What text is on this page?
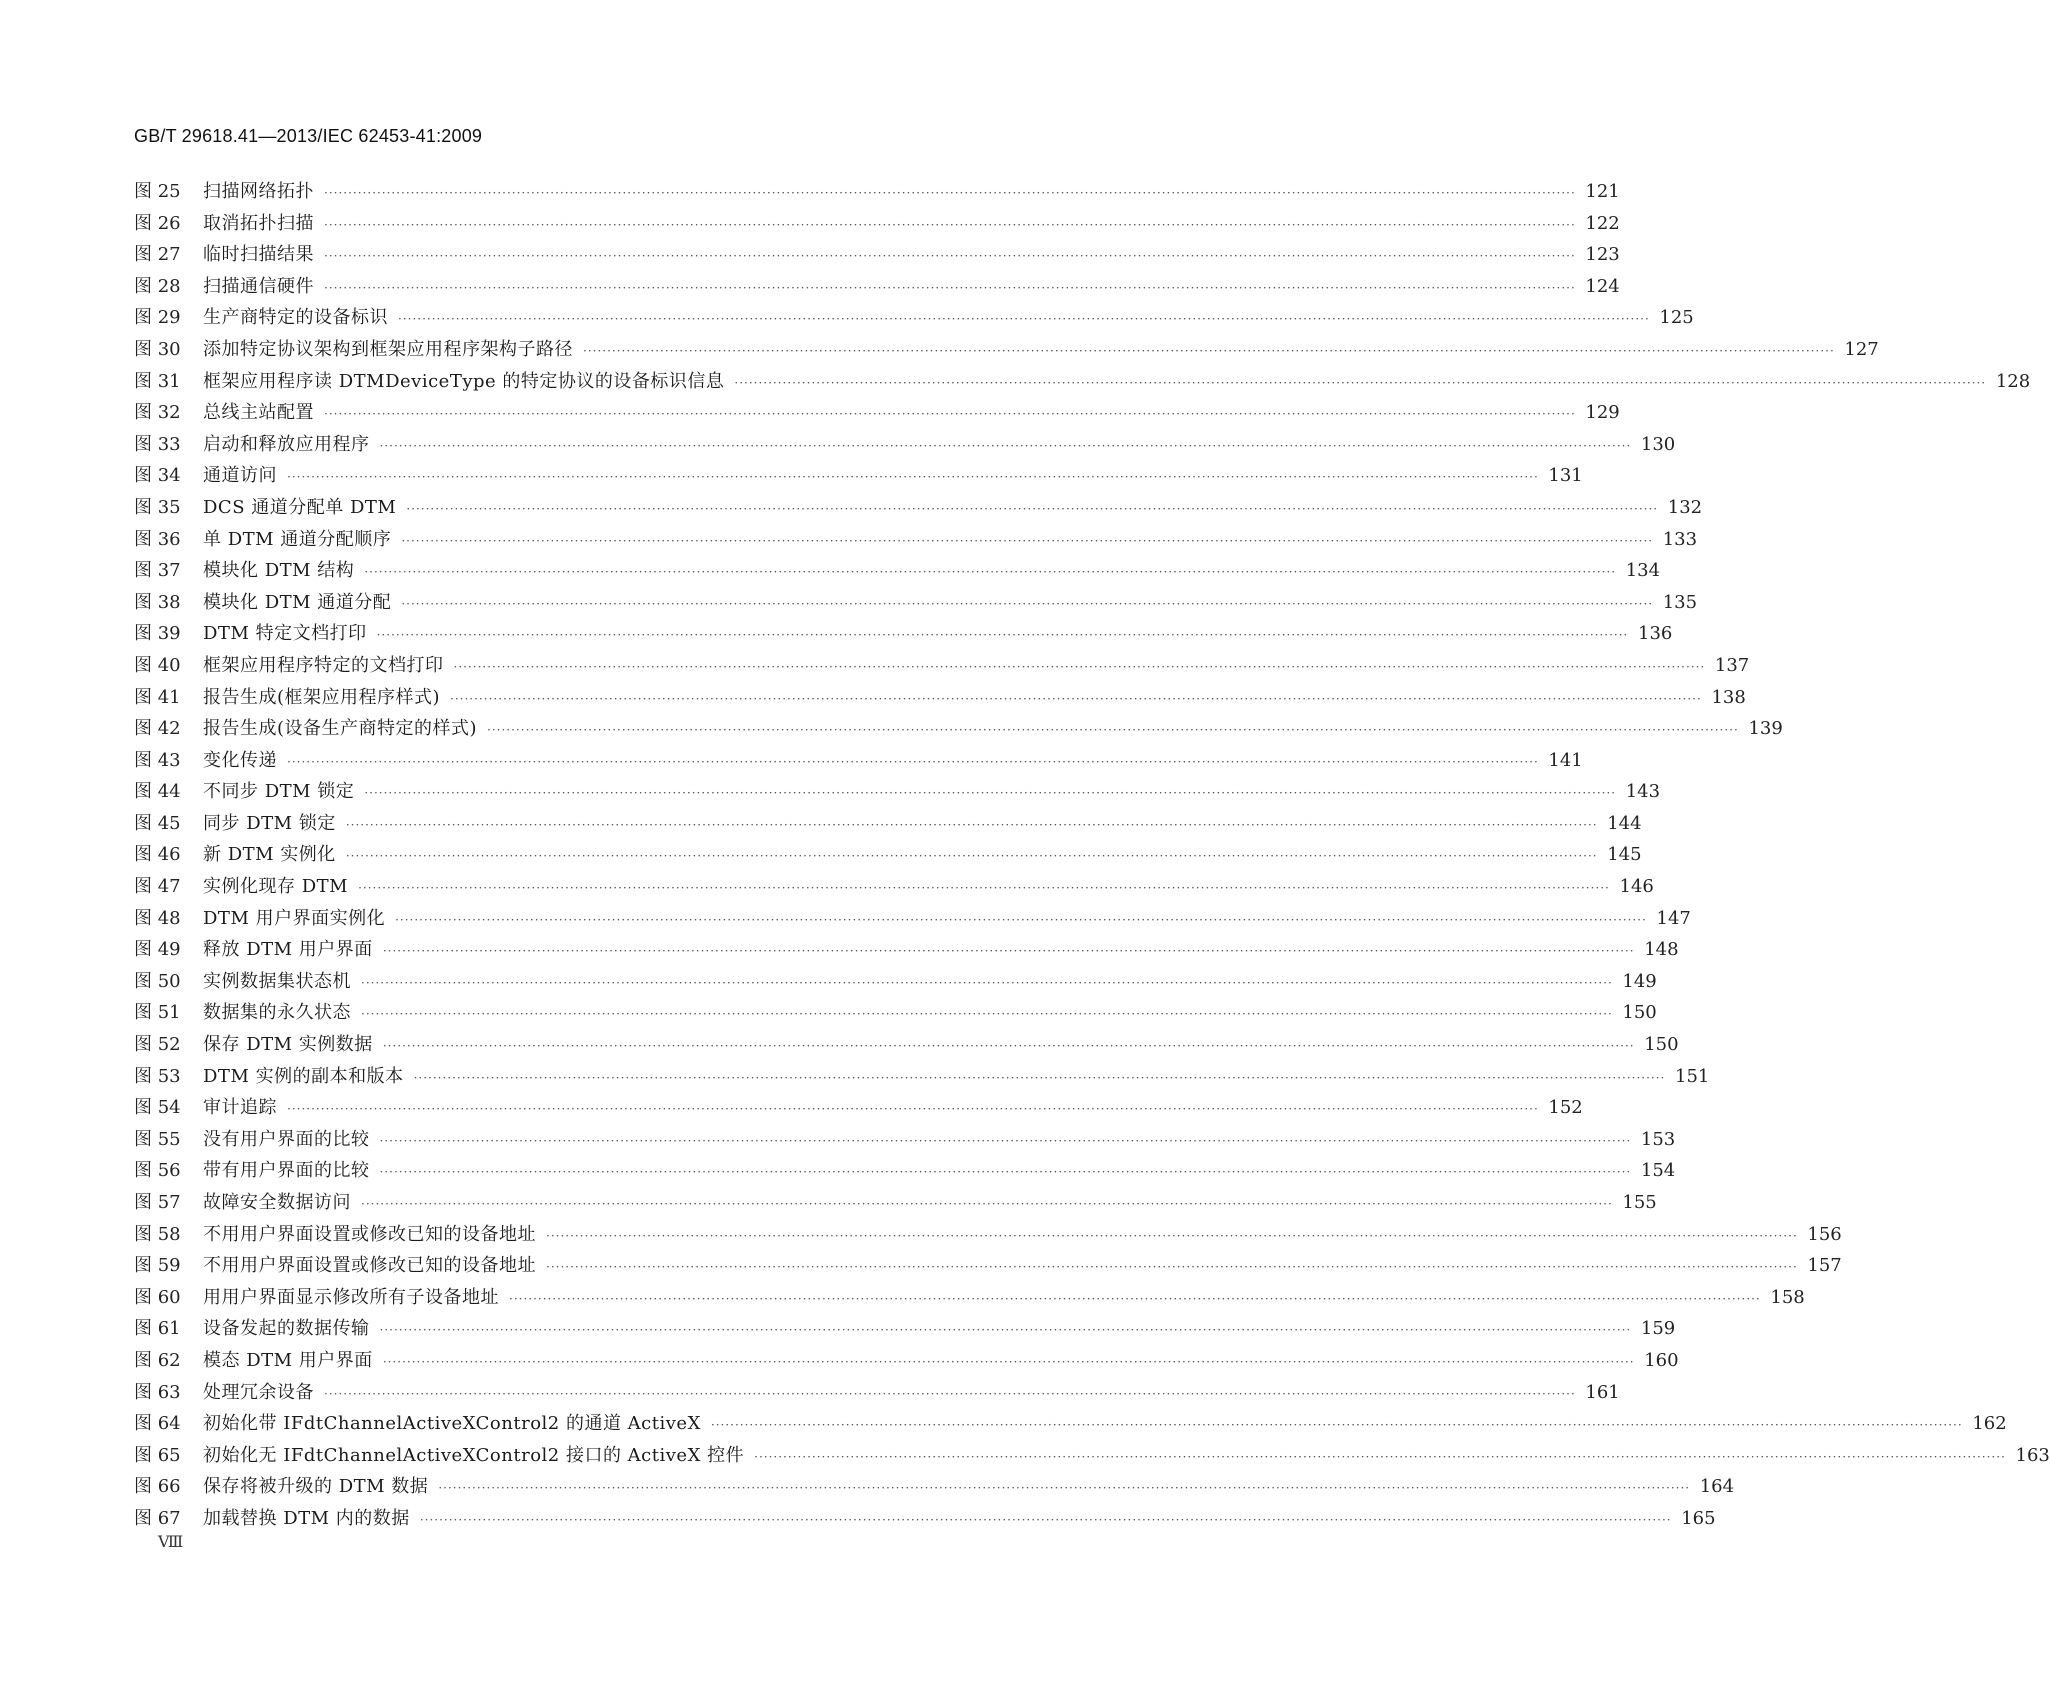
GB/T 29618.41—2013/IEC 62453-41:2009
图 25	扫描网络拓扑 ···································································································································································································································································· 121
图 26	取消拓扑扫描 ···································································································································································································································································· 122
图 27	临时扫描结果 ···································································································································································································································································· 123
图 28	扫描通信硬件 ···································································································································································································································································· 124
图 29	生产商特定的设备标识 ···································································································································································································································································· 125
图 30	添加特定协议架构到框架应用程序架构子路径 ···································································································································································································································································· 127
图 31	框架应用程序读 DTMDeviceType 的特定协议的设备标识信息 ···································································································································································································································································· 128
图 32	总线主站配置 ···································································································································································································································································· 129
图 33	启动和释放应用程序 ···································································································································································································································································· 130
图 34	通道访问 ···································································································································································································································································· 131
图 35	DCS 通道分配单 DTM ···································································································································································································································································· 132
图 36	单 DTM 通道分配顺序 ···································································································································································································································································· 133
图 37	模块化 DTM 结构 ···································································································································································································································································· 134
图 38	模块化 DTM 通道分配 ···································································································································································································································································· 135
图 39	DTM 特定文档打印 ···································································································································································································································································· 136
图 40	框架应用程序特定的文档打印 ···································································································································································································································································· 137
图 41	报告生成(框架应用程序样式) ···································································································································································································································································· 138
图 42	报告生成(设备生产商特定的样式) ···································································································································································································································································· 139
图 43	变化传递 ···································································································································································································································································· 141
图 44	不同步 DTM 锁定 ···································································································································································································································································· 143
图 45	同步 DTM 锁定 ···································································································································································································································································· 144
图 46	新 DTM 实例化 ···································································································································································································································································· 145
图 47	实例化现存 DTM ···································································································································································································································································· 146
图 48	DTM 用户界面实例化 ···································································································································································································································································· 147
图 49	释放 DTM 用户界面 ···································································································································································································································································· 148
图 50	实例数据集状态机 ···································································································································································································································································· 149
图 51	数据集的永久状态 ···································································································································································································································································· 150
图 52	保存 DTM 实例数据 ···································································································································································································································································· 150
图 53	DTM 实例的副本和版本 ···································································································································································································································································· 151
图 54	审计追踪 ···································································································································································································································································· 152
图 55	没有用户界面的比较 ···································································································································································································································································· 153
图 56	带有用户界面的比较 ···································································································································································································································································· 154
图 57	故障安全数据访问 ···································································································································································································································································· 155
图 58	不用用户界面设置或修改已知的设备地址 ···································································································································································································································································· 156
图 59	不用用户界面设置或修改已知的设备地址 ···································································································································································································································································· 157
图 60	用用户界面显示修改所有子设备地址 ···································································································································································································································································· 158
图 61	设备发起的数据传输 ···································································································································································································································································· 159
图 62	模态 DTM 用户界面 ···································································································································································································································································· 160
图 63	处理冗余设备 ···································································································································································································································································· 161
图 64	初始化带 IFdtChannelActiveXControl2 的通道 ActiveX ···································································································································································································································································· 162
图 65	初始化无 IFdtChannelActiveXControl2 接口的 ActiveX 控件 ···································································································································································································································································· 163
图 66	保存将被升级的 DTM 数据 ···································································································································································································································································· 164
图 67	加载替换 DTM 内的数据 ···································································································································································································································································· 165
Ⅷ
